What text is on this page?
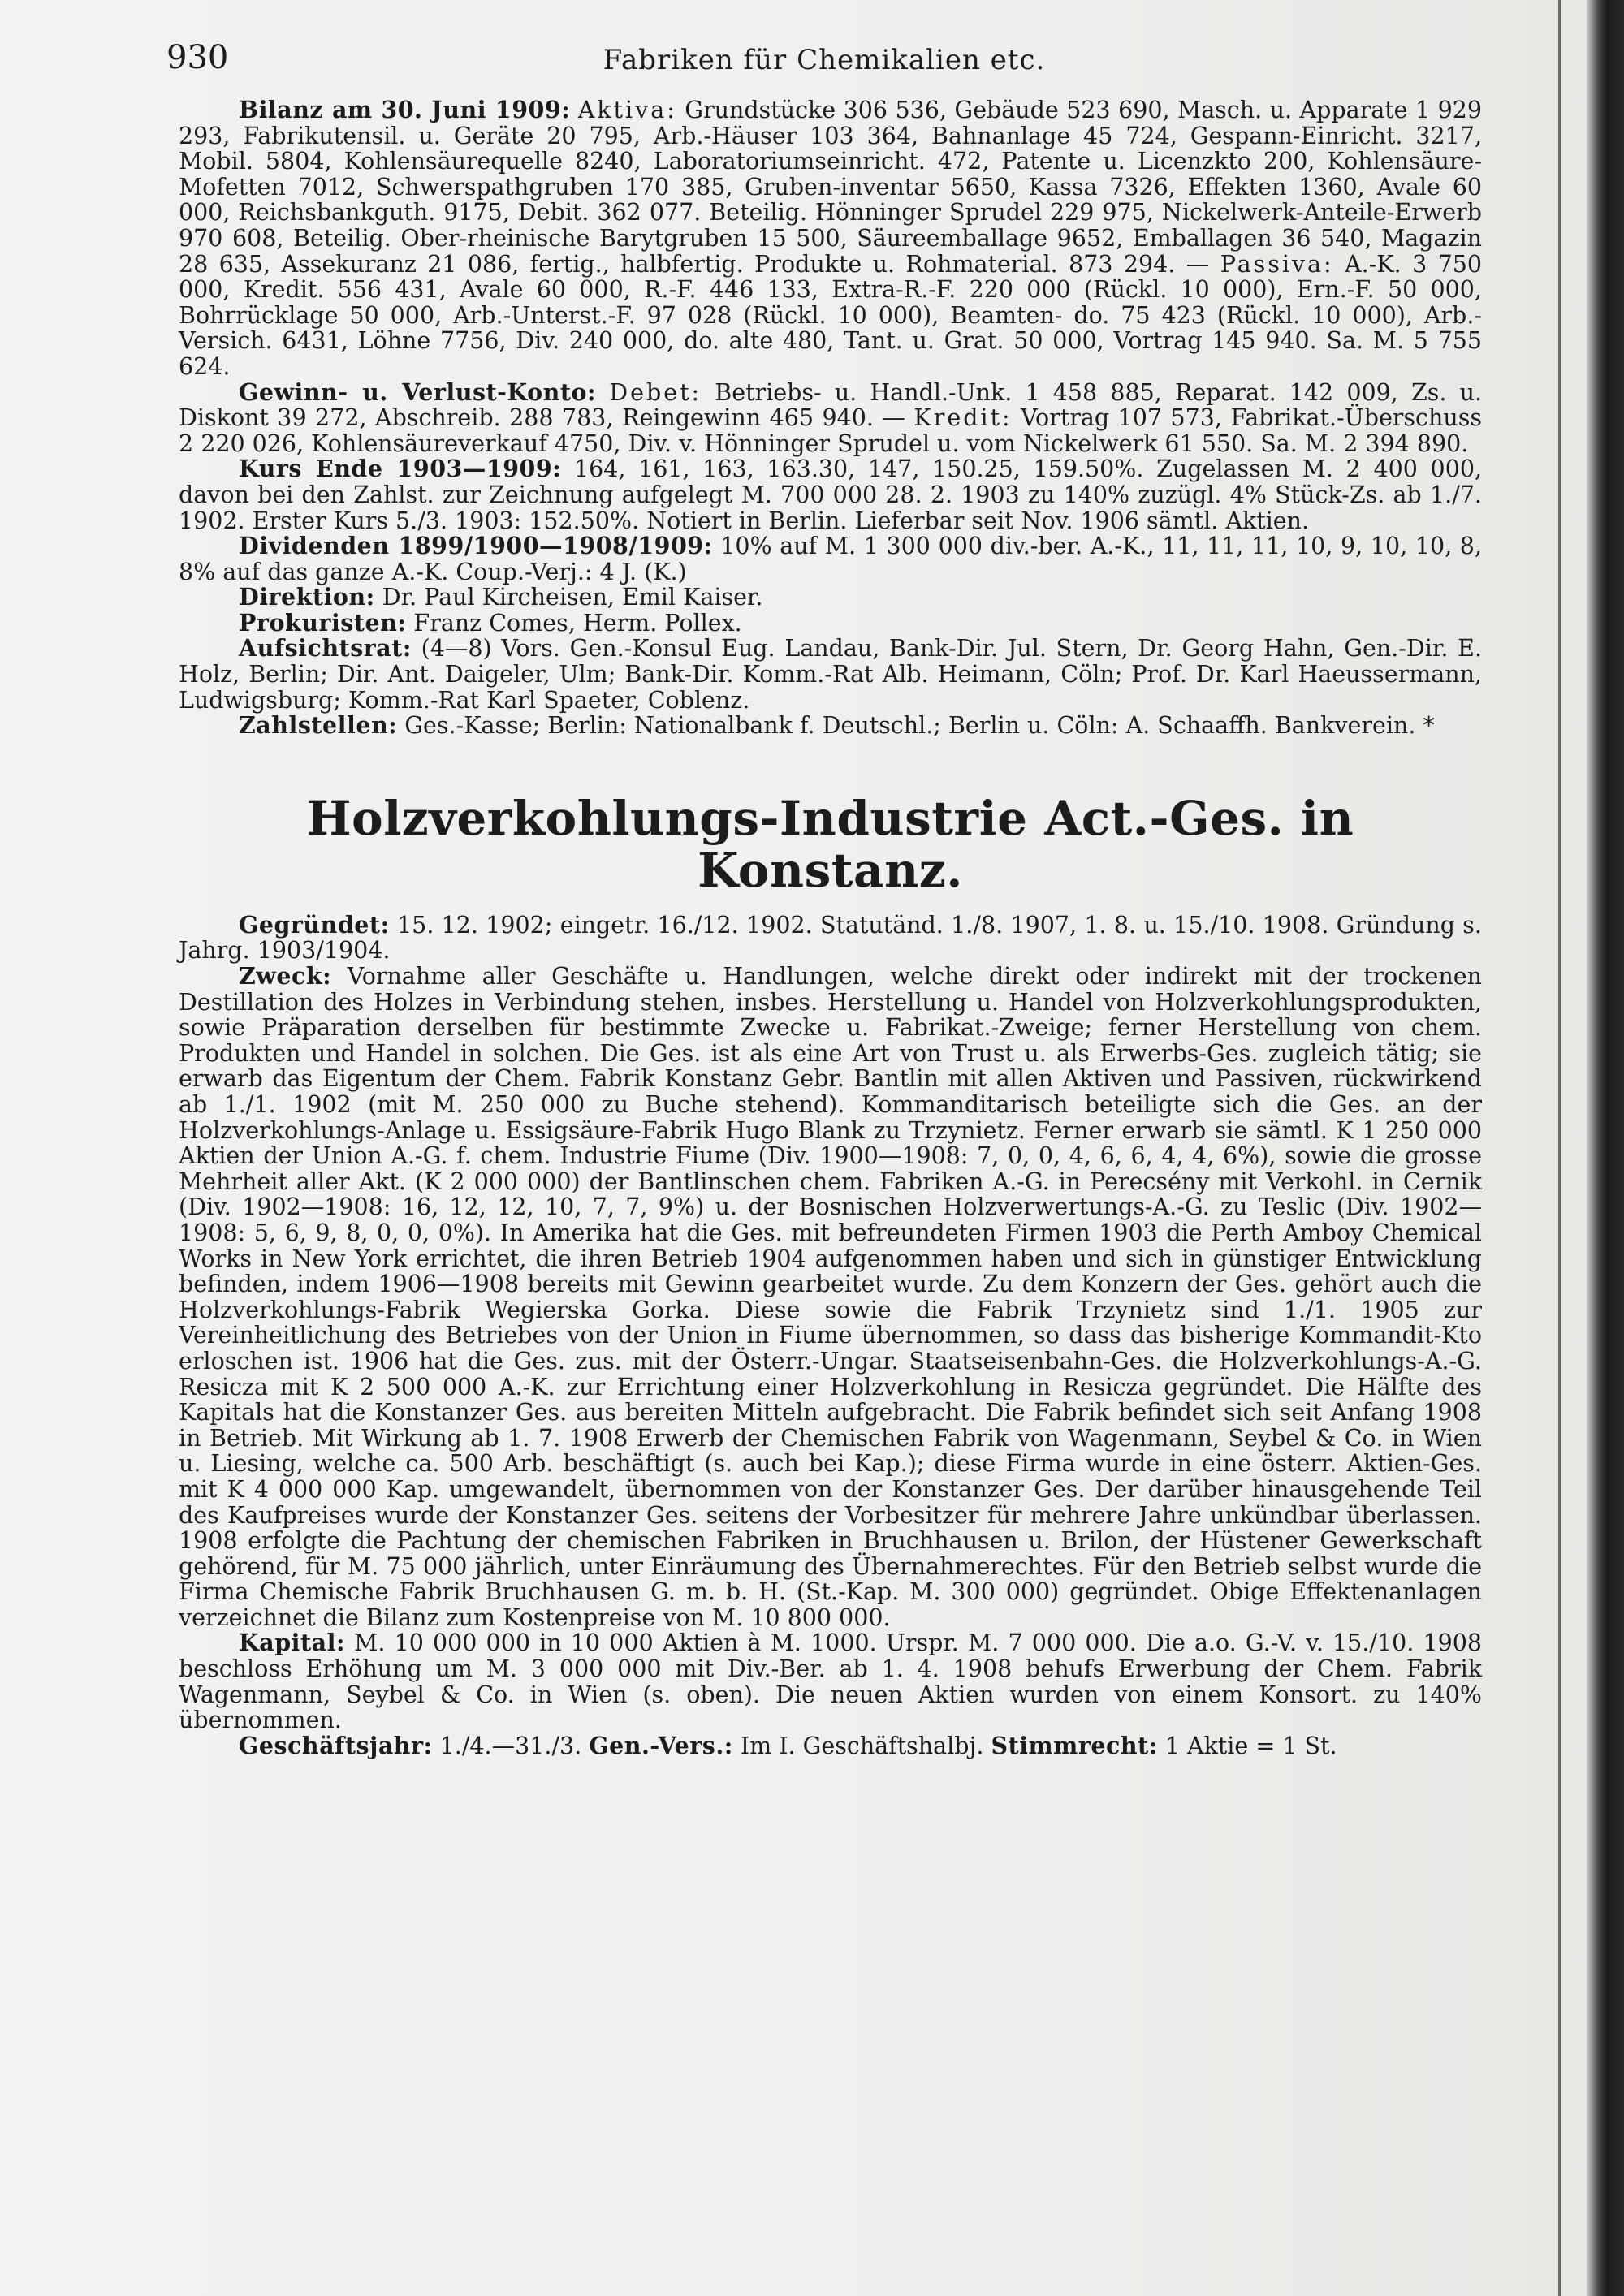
930	Fabriken für Chemikalien etc.

Bilanz am 30. Juni 1909: Aktiva: Grundstücke 306 536, Gebäude 523 690, Masch. u. Apparate 1 929 293, Fabrikutensil. u. Geräte 20 795, Arb.-Häuser 103 364, Bahnanlage 45 724, Gespann-Einricht. 3217, Mobil. 5804, Kohlensäurequelle 8240, Laboratoriumseinricht. 472, Patente u. Licenzkto 200, Kohlensäure-Mofetten 7012, Schwerspathgruben 170 385, Gruben-inventar 5650, Kassa 7326, Effekten 1360, Avale 60 000, Reichsbankguth. 9175, Debit. 362 077. Beteilig. Hönninger Sprudel 229 975, Nickelwerk-Anteile-Erwerb 970 608, Beteilig. Ober-rheinische Barytgruben 15 500, Säureemballage 9652, Emballagen 36 540, Magazin 28 635, Assekuranz 21 086, fertig., halbfertig. Produkte u. Rohmaterial. 873 294. — Passiva: A.-K. 3 750 000, Kredit. 556 431, Avale 60 000, R.-F. 446 133, Extra-R.-F. 220 000 (Rückl. 10 000), Ern.-F. 50 000, Bohrrücklage 50 000, Arb.-Unterst.-F. 97 028 (Rückl. 10 000), Beamten- do. 75 423 (Rückl. 10 000), Arb.-Versich. 6431, Löhne 7756, Div. 240 000, do. alte 480, Tant. u. Grat. 50 000, Vortrag 145 940. Sa. M. 5 755 624.

Gewinn- u. Verlust-Konto: Debet: Betriebs- u. Handl.-Unk. 1 458 885, Reparat. 142 009, Zs. u. Diskont 39 272, Abschreib. 288 783, Reingewinn 465 940. — Kredit: Vortrag 107 573, Fabrikat.-Überschuss 2 220 026, Kohlensäureverkauf 4750, Div. v. Hönninger Sprudel u. vom Nickelwerk 61 550. Sa. M. 2 394 890.

Kurs Ende 1903—1909: 164, 161, 163, 163.30, 147, 150.25, 159.50%. Zugelassen M. 2 400 000, davon bei den Zahlst. zur Zeichnung aufgelegt M. 700 000 28. 2. 1903 zu 140% zuzügl. 4% Stück-Zs. ab 1./7. 1902. Erster Kurs 5./3. 1903: 152.50%. Notiert in Berlin. Lieferbar seit Nov. 1906 sämtl. Aktien.

Dividenden 1899/1900—1908/1909: 10% auf M. 1 300 000 div.-ber. A.-K., 11, 11, 11, 10, 9, 10, 10, 8, 8% auf das ganze A.-K. Coup.-Verj.: 4 J. (K.)

Direktion: Dr. Paul Kircheisen, Emil Kaiser.

Prokuristen: Franz Comes, Herm. Pollex.

Aufsichtsrat: (4—8) Vors. Gen.-Konsul Eug. Landau, Bank-Dir. Jul. Stern, Dr. Georg Hahn, Gen.-Dir. E. Holz, Berlin; Dir. Ant. Daigeler, Ulm; Bank-Dir. Komm.-Rat Alb. Heimann, Cöln; Prof. Dr. Karl Haeussermann, Ludwigsburg; Komm.-Rat Karl Spaeter, Coblenz.

Zahlstellen: Ges.-Kasse; Berlin: Nationalbank f. Deutschl.; Berlin u. Cöln: A. Schaaffh. Bankverein. *

Holzverkohlungs-Industrie Act.-Ges. in Konstanz.

Gegründet: 15. 12. 1902; eingetr. 16./12. 1902. Statutänd. 1./8. 1907, 1. 8. u. 15./10. 1908. Gründung s. Jahrg. 1903/1904.

Zweck: Vornahme aller Geschäfte u. Handlungen, welche direkt oder indirekt mit der trockenen Destillation des Holzes in Verbindung stehen, insbes. Herstellung u. Handel von Holzverkohlungsprodukten, sowie Präparation derselben für bestimmte Zwecke u. Fabrikat.-Zweige; ferner Herstellung von chem. Produkten und Handel in solchen. Die Ges. ist als eine Art von Trust u. als Erwerbs-Ges. zugleich tätig; sie erwarb das Eigentum der Chem. Fabrik Konstanz Gebr. Bantlin mit allen Aktiven und Passiven, rückwirkend ab 1./1. 1902 (mit M. 250 000 zu Buche stehend). Kommanditarisch beteiligte sich die Ges. an der Holzverkohlungs-Anlage u. Essigsäure-Fabrik Hugo Blank zu Trzynietz. Ferner erwarb sie sämtl. K 1 250 000 Aktien der Union A.-G. f. chem. Industrie Fiume (Div. 1900—1908: 7, 0, 0, 4, 6, 6, 4, 4, 6%), sowie die grosse Mehrheit aller Akt. (K 2 000 000) der Bantlinschen chem. Fabriken A.-G. in Perecsény mit Verkohl. in Cernik (Div. 1902—1908: 16, 12, 12, 10, 7, 7, 9%) u. der Bosnischen Holzverwertungs-A.-G. zu Teslic (Div. 1902—1908: 5, 6, 9, 8, 0, 0, 0%). In Amerika hat die Ges. mit befreundeten Firmen 1903 die Perth Amboy Chemical Works in New York errichtet, die ihren Betrieb 1904 aufgenommen haben und sich in günstiger Entwicklung befinden, indem 1906—1908 bereits mit Gewinn gearbeitet wurde. Zu dem Konzern der Ges. gehört auch die Holzverkohlungs-Fabrik Wegierska Gorka. Diese sowie die Fabrik Trzynietz sind 1./1. 1905 zur Vereinheitlichung des Betriebes von der Union in Fiume übernommen, so dass das bisherige Kommandit-Kto erloschen ist. 1906 hat die Ges. zus. mit der Österr.-Ungar. Staatseisenbahn-Ges. die Holzverkohlungs-A.-G. Resicza mit K 2 500 000 A.-K. zur Errichtung einer Holzverkohlung in Resicza gegründet. Die Hälfte des Kapitals hat die Konstanzer Ges. aus bereiten Mitteln aufgebracht. Die Fabrik befindet sich seit Anfang 1908 in Betrieb. Mit Wirkung ab 1. 7. 1908 Erwerb der Chemischen Fabrik von Wagenmann, Seybel & Co. in Wien u. Liesing, welche ca. 500 Arb. beschäftigt (s. auch bei Kap.); diese Firma wurde in eine österr. Aktien-Ges. mit K 4 000 000 Kap. umgewandelt, übernommen von der Konstanzer Ges. Der darüber hinausgehende Teil des Kaufpreises wurde der Konstanzer Ges. seitens der Vorbesitzer für mehrere Jahre unkündbar überlassen. 1908 erfolgte die Pachtung der chemischen Fabriken in Bruchhausen u. Brilon, der Hüstener Gewerkschaft gehörend, für M. 75 000 jährlich, unter Einräumung des Übernahmerechtes. Für den Betrieb selbst wurde die Firma Chemische Fabrik Bruchhausen G. m. b. H. (St.-Kap. M. 300 000) gegründet. Obige Effektenanlagen verzeichnet die Bilanz zum Kostenpreise von M. 10 800 000.

Kapital: M. 10 000 000 in 10 000 Aktien à M. 1000. Urspr. M. 7 000 000. Die a.o. G.-V. v. 15./10. 1908 beschloss Erhöhung um M. 3 000 000 mit Div.-Ber. ab 1. 4. 1908 behufs Erwerbung der Chem. Fabrik Wagenmann, Seybel & Co. in Wien (s. oben). Die neuen Aktien wurden von einem Konsort. zu 140% übernommen.

Geschäftsjahr: 1./4.—31./3. Gen.-Vers.: Im I. Geschäftshalbj. Stimmrecht: 1 Aktie = 1 St.
